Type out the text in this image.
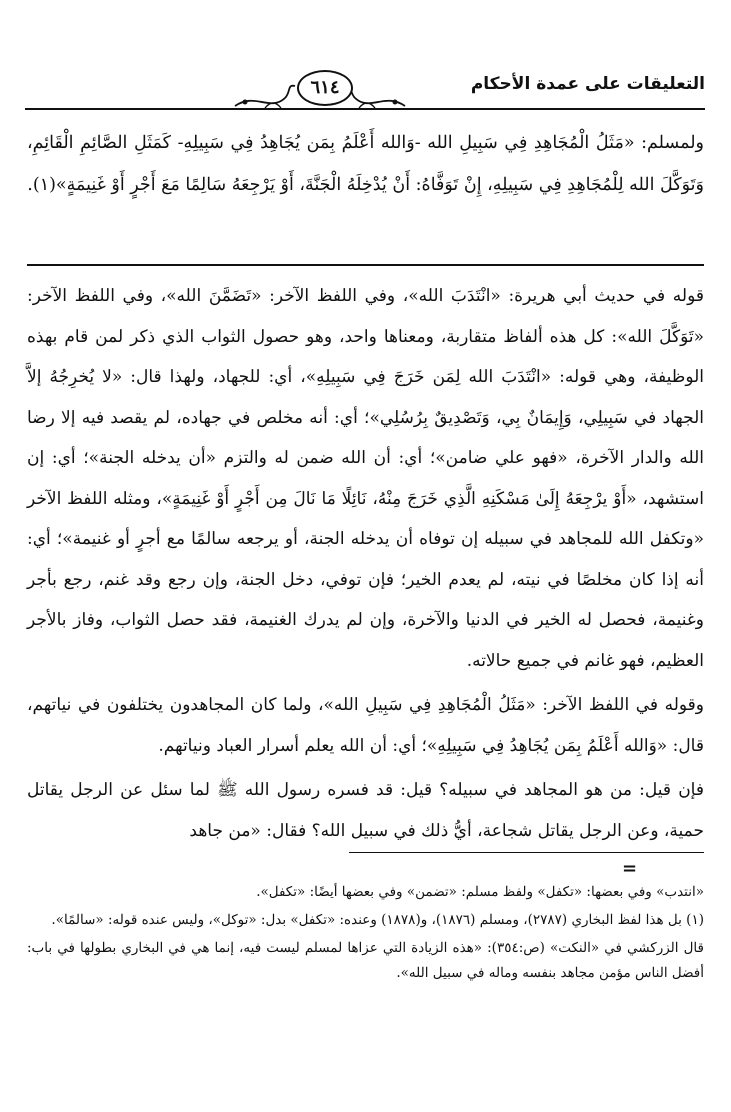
التعليقات على عمدة الأحكام
٦١٤

ولمسلم: «مَثَلُ الْمُجَاهِدِ فِي سَبِيلِ الله -وَالله أَعْلَمُ بِمَن يُجَاهِدُ فِي سَبِيلِهِ- كَمَثَلِ الصَّائِمِ الْقَائِمِ، وَتَوَكَّلَ الله لِلْمُجَاهِدِ فِي سَبِيلِهِ، إِنْ تَوَفَّاهُ: أَنْ يُدْخِلَهُ الْجَنَّةَ، أَوْ يَرْجِعَهُ سَالِمًا مَعَ أَجْرٍ أَوْ غَنِيمَةٍ»(١).

قوله في حديث أبي هريرة: «انْتَدَبَ الله»، وفي اللفظ الآخر: «تَضَمَّنَ الله»، وفي اللفظ الآخر: «تَوَكَّلَ الله»: كل هذه ألفاظ متقاربة، ومعناها واحد، وهو حصول الثواب الذي ذكر لمن قام بهذه الوظيفة، وهي قوله: «انْتَدَبَ الله لِمَن خَرَجَ فِي سَبِيلِهِ»، أي: للجهاد، ولهذا قال: «لا يُخرِجُهُ إلاَّ الجهاد في سَبِيلِي، وَإِيمَانٌ بِي، وَتَصْدِيقٌ بِرُسُلِي»؛ أي: أنه مخلص في جهاده، لم يقصد فيه إلا رضا الله والدار الآخرة، «فهو علي ضامن»؛ أي: أن الله ضمن له والتزم «أن يدخله الجنة»؛ أي: إن استشهد، «أَوْ يرْجِعَهُ إِلَىٰ مَسْكَنِهِ الَّذِي خَرَجَ مِنْهُ، نَائِلًا مَا نَالَ مِن أَجْرٍ أَوْ غَنِيمَةٍ»، ومثله اللفظ الآخر «وتكفل الله للمجاهد في سبيله إن توفاه أن يدخله الجنة، أو يرجعه سالمًا مع أجرٍ أو غنيمة»؛ أي: أنه إذا كان مخلصًا في نيته، لم يعدم الخير؛ فإن توفي، دخل الجنة، وإن رجع وقد غنم، رجع بأجر وغنيمة، فحصل له الخير في الدنيا والآخرة، وإن لم يدرك الغنيمة، فقد حصل الثواب، وفاز بالأجر العظيم، فهو غانم في جميع حالاته.

وقوله في اللفظ الآخر: «مَثَلُ الْمُجَاهِدِ فِي سَبِيلِ الله»، ولما كان المجاهدون يختلفون في نياتهم، قال: «وَالله أَعْلَمُ بِمَن يُجَاهِدُ فِي سَبِيلِهِ»؛ أي: أن الله يعلم أسرار العباد ونياتهم.

فإن قيل: من هو المجاهد في سبيله؟ قيل: قد فسره رسول الله ﷺ لما سئل عن الرجل يقاتل حمية، وعن الرجل يقاتل شجاعة، أيُّ ذلك في سبيل الله؟ فقال: «من جاهد

=

«انتدب» وفي بعضها: «تكفل» ولفظ مسلم: «تضمن» وفي بعضها أيضًا: «تكفل».

(١) بل هذا لفظ البخاري (٢٧٨٧)، ومسلم (١٨٧٦)، و(١٨٧٨) وعنده: «تكفل» بدل: «توكل»، وليس عنده قوله: «سالمًا».

قال الزركشي في «النكت» (ص:٣٥٤): «هذه الزيادة التي عزاها لمسلم ليست فيه، إنما هي في البخاري بطولها في باب: أفضل الناس مؤمن مجاهد بنفسه وماله في سبيل الله».
